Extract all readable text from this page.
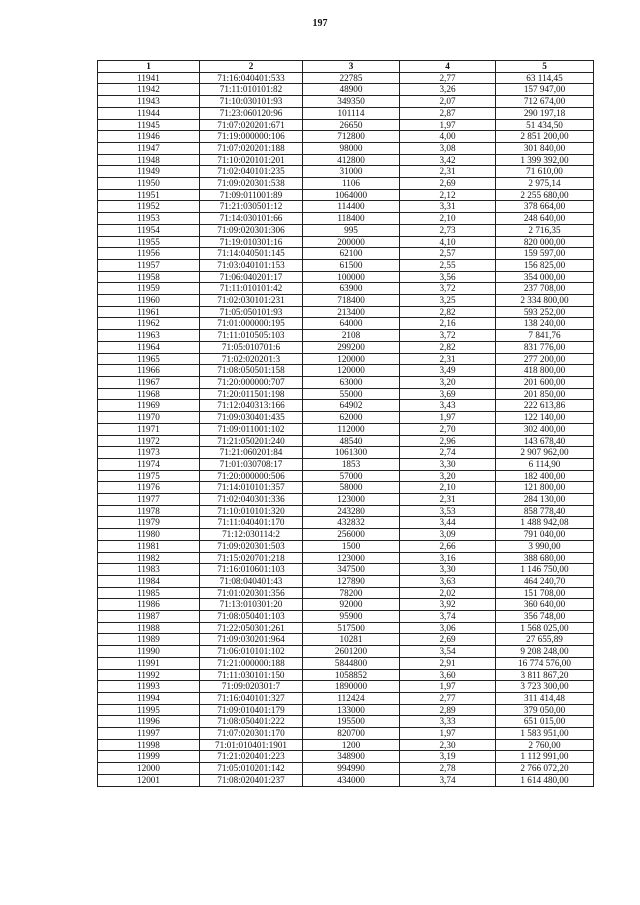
197
1	2	3	4	5
11941	71:16:040401:533	22785	2,77	63 114,45
11942	71:11:010101:82	48900	3,26	157 947,00
11943	71:10:030101:93	349350	2,07	712 674,00
11944	71:23:060120:96	101114	2,87	290 197,18
11945	71:07:020201:671	26650	1,97	51 434,50
11946	71:19:000000:106	712800	4,00	2 851 200,00
11947	71:07:020201:188	98000	3,08	301 840,00
11948	71:10:020101:201	412800	3,42	1 399 392,00
11949	71:02:040101:235	31000	2,31	71 610,00
11950	71:09:020301:538	1106	2,69	2 975,14
11951	71:09:011001:89	1064000	2,12	2 255 680,00
11952	71:21:030501:12	114400	3,31	378 664,00
11953	71:14:030101:66	118400	2,10	248 640,00
11954	71:09:020301:306	995	2,73	2 716,35
11955	71:19:010301:16	200000	4,10	820 000,00
11956	71:14:040501:145	62100	2,57	159 597,00
11957	71:03:040101:153	61500	2,55	156 825,00
11958	71:06:040201:17	100000	3,56	354 000,00
11959	71:11:010101:42	63900	3,72	237 708,00
11960	71:02:030101:231	718400	3,25	2 334 800,00
11961	71:05:050101:93	213400	2,82	593 252,00
11962	71:01:000000:195	64000	2,16	138 240,00
11963	71:11:010505:103	2108	3,72	7 841,76
11964	71:05:010701:6	299200	2,82	831 776,00
11965	71:02:020201:3	120000	2,31	277 200,00
11966	71:08:050501:158	120000	3,49	418 800,00
11967	71:20:000000:707	63000	3,20	201 600,00
11968	71:20:011501:198	55000	3,69	201 850,00
11969	71:12:040313:166	64902	3,43	222 613,86
11970	71:09:030401:435	62000	1,97	122 140,00
11971	71:09:011001:102	112000	2,70	302 400,00
11972	71:21:050201:240	48540	2,96	143 678,40
11973	71:21:060201:84	1061300	2,74	2 907 962,00
11974	71:01:030708:17	1853	3,30	6 114,90
11975	71:20:000000:506	57000	3,20	182 400,00
11976	71:14:010101:357	58000	2,10	121 800,00
11977	71:02:040301:336	123000	2,31	284 130,00
11978	71:10:010101:320	243280	3,53	858 778,40
11979	71:11:040401:170	432832	3,44	1 488 942,08
11980	71:12:030114:2	256000	3,09	791 040,00
11981	71:09:020301:503	1500	2,66	3 990,00
11982	71:15:020701:218	123000	3,16	388 680,00
11983	71:16:010601:103	347500	3,30	1 146 750,00
11984	71:08:040401:43	127890	3,63	464 240,70
11985	71:01:020301:356	78200	2,02	151 708,00
11986	71:13:010301:20	92000	3,92	360 640,00
11987	71:08:050401:103	95900	3,74	356 748,00
11988	71:22:050301:261	517500	3,06	1 568 025,00
11989	71:09:030201:964	10281	2,69	27 655,89
11990	71:06:010101:102	2601200	3,54	9 208 248,00
11991	71:21:000000:188	5844800	2,91	16 774 576,00
11992	71:11:030101:150	1058852	3,60	3 811 867,20
11993	71:09:020301:7	1890000	1,97	3 723 300,00
11994	71:16:040101:327	112424	2,77	311 414,48
11995	71:09:010401:179	133000	2,89	379 050,00
11996	71:08:050401:222	195500	3,33	651 015,00
11997	71:07:020301:170	820700	1,97	1 583 951,00
11998	71:01:010401:1901	1200	2,30	2 760,00
11999	71:21:020401:223	348900	3,19	1 112 991,00
12000	71:05:010201:142	994990	2,78	2 766 072,20
12001	71:08:020401:237	434000	3,74	1 614 480,00
